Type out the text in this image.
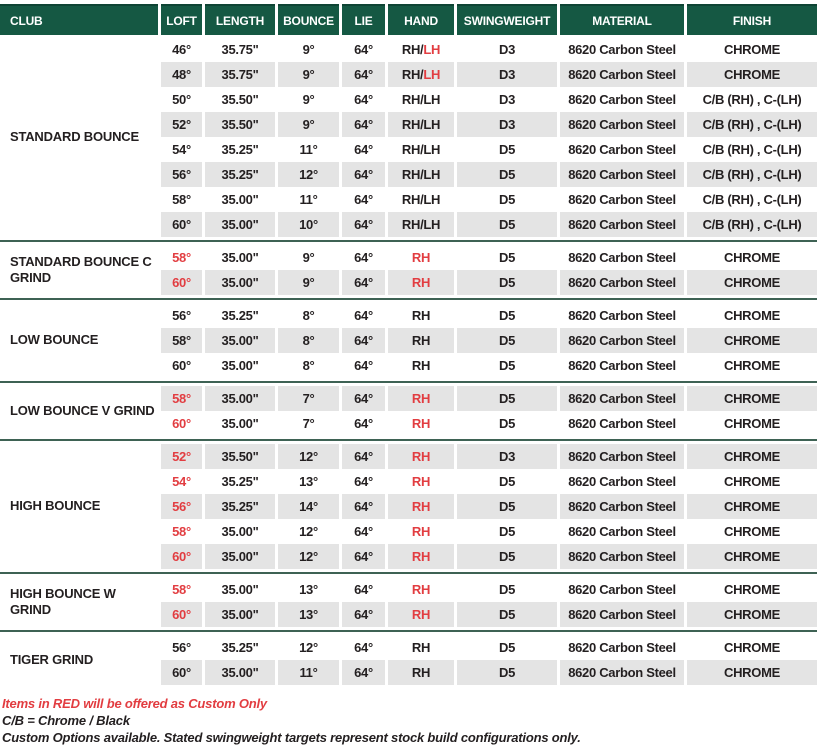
CLUB	LOFT	LENGTH	BOUNCE	LIE	HAND	SWINGWEIGHT	MATERIAL	FINISH
STANDARD BOUNCE
46°	35.75"	9°	64°	RH/ LH	D3	8620 Carbon Steel	CHROME
48°	35.75"	9°	64°	RH/ LH	D3	8620 Carbon Steel	CHROME
50°	35.50"	9°	64°	RH/LH	D3	8620 Carbon Steel	C/B (RH) , C-(LH)
52°	35.50"	9°	64°	RH/LH	D3	8620 Carbon Steel	C/B (RH) , C-(LH)
54°	35.25"	11°	64°	RH/LH	D5	8620 Carbon Steel	C/B (RH) , C-(LH)
56°	35.25"	12°	64°	RH/LH	D5	8620 Carbon Steel	C/B (RH) , C-(LH)
58°	35.00"	11°	64°	RH/LH	D5	8620 Carbon Steel	C/B (RH) , C-(LH)
60°	35.00"	10°	64°	RH/LH	D5	8620 Carbon Steel	C/B (RH) , C-(LH)
STANDARD BOUNCE C GRIND
58°	35.00"	9°	64°	RH	D5	8620 Carbon Steel	CHROME
60°	35.00"	9°	64°	RH	D5	8620 Carbon Steel	CHROME
LOW BOUNCE
56°	35.25"	8°	64°	RH	D5	8620 Carbon Steel	CHROME
58°	35.00"	8°	64°	RH	D5	8620 Carbon Steel	CHROME
60°	35.00"	8°	64°	RH	D5	8620 Carbon Steel	CHROME
LOW BOUNCE V GRIND
58°	35.00"	7°	64°	RH	D5	8620 Carbon Steel	CHROME
60°	35.00"	7°	64°	RH	D5	8620 Carbon Steel	CHROME
HIGH BOUNCE
52°	35.50"	12°	64°	RH	D3	8620 Carbon Steel	CHROME
54°	35.25"	13°	64°	RH	D5	8620 Carbon Steel	CHROME
56°	35.25"	14°	64°	RH	D5	8620 Carbon Steel	CHROME
58°	35.00"	12°	64°	RH	D5	8620 Carbon Steel	CHROME
60°	35.00"	12°	64°	RH	D5	8620 Carbon Steel	CHROME
HIGH BOUNCE W GRIND
58°	35.00"	13°	64°	RH	D5	8620 Carbon Steel	CHROME
60°	35.00"	13°	64°	RH	D5	8620 Carbon Steel	CHROME
TIGER GRIND
56°	35.25"	12°	64°	RH	D5	8620 Carbon Steel	CHROME
60°	35.00"	11°	64°	RH	D5	8620 Carbon Steel	CHROME

Items in RED will be offered as Custom Only

C/B = Chrome / Black

Custom Options available. Stated swingweight targets represent stock build configurations only.
